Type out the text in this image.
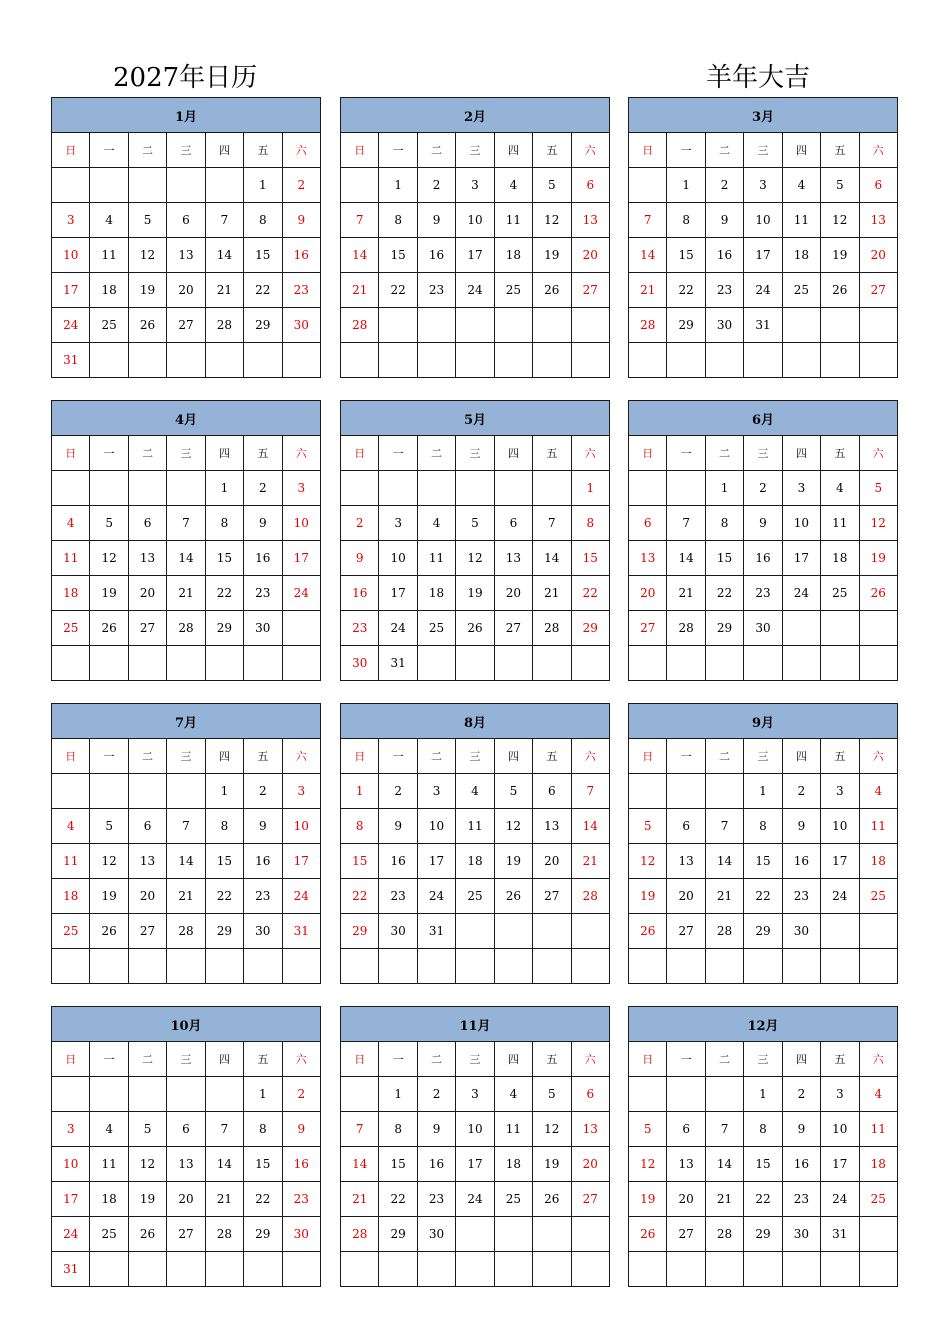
2027年日历	羊年大吉
1月						
日	一	二	三	四	五	六
					1	2
3	4	5	6	7	8	9
10	11	12	13	14	15	16
17	18	19	20	21	22	23
24	25	26	27	28	29	30
31						
2月						
日	一	二	三	四	五	六
	1	2	3	4	5	6
7	8	9	10	11	12	13
14	15	16	17	18	19	20
21	22	23	24	25	26	27
28						

3月						
日	一	二	三	四	五	六
	1	2	3	4	5	6
7	8	9	10	11	12	13
14	15	16	17	18	19	20
21	22	23	24	25	26	27
28	29	30	31			

4月						
日	一	二	三	四	五	六
				1	2	3
4	5	6	7	8	9	10
11	12	13	14	15	16	17
18	19	20	21	22	23	24
25	26	27	28	29	30	

5月						
日	一	二	三	四	五	六
						1
2	3	4	5	6	7	8
9	10	11	12	13	14	15
16	17	18	19	20	21	22
23	24	25	26	27	28	29
30	31					
6月						
日	一	二	三	四	五	六
		1	2	3	4	5
6	7	8	9	10	11	12
13	14	15	16	17	18	19
20	21	22	23	24	25	26
27	28	29	30			

7月						
日	一	二	三	四	五	六
				1	2	3
4	5	6	7	8	9	10
11	12	13	14	15	16	17
18	19	20	21	22	23	24
25	26	27	28	29	30	31

8月						
日	一	二	三	四	五	六
1	2	3	4	5	6	7
8	9	10	11	12	13	14
15	16	17	18	19	20	21
22	23	24	25	26	27	28
29	30	31				

9月						
日	一	二	三	四	五	六
			1	2	3	4
5	6	7	8	9	10	11
12	13	14	15	16	17	18
19	20	21	22	23	24	25
26	27	28	29	30		

10月						
日	一	二	三	四	五	六
					1	2
3	4	5	6	7	8	9
10	11	12	13	14	15	16
17	18	19	20	21	22	23
24	25	26	27	28	29	30
31						
11月						
日	一	二	三	四	五	六
	1	2	3	4	5	6
7	8	9	10	11	12	13
14	15	16	17	18	19	20
21	22	23	24	25	26	27
28	29	30				

12月						
日	一	二	三	四	五	六
			1	2	3	4
5	6	7	8	9	10	11
12	13	14	15	16	17	18
19	20	21	22	23	24	25
26	27	28	29	30	31	
